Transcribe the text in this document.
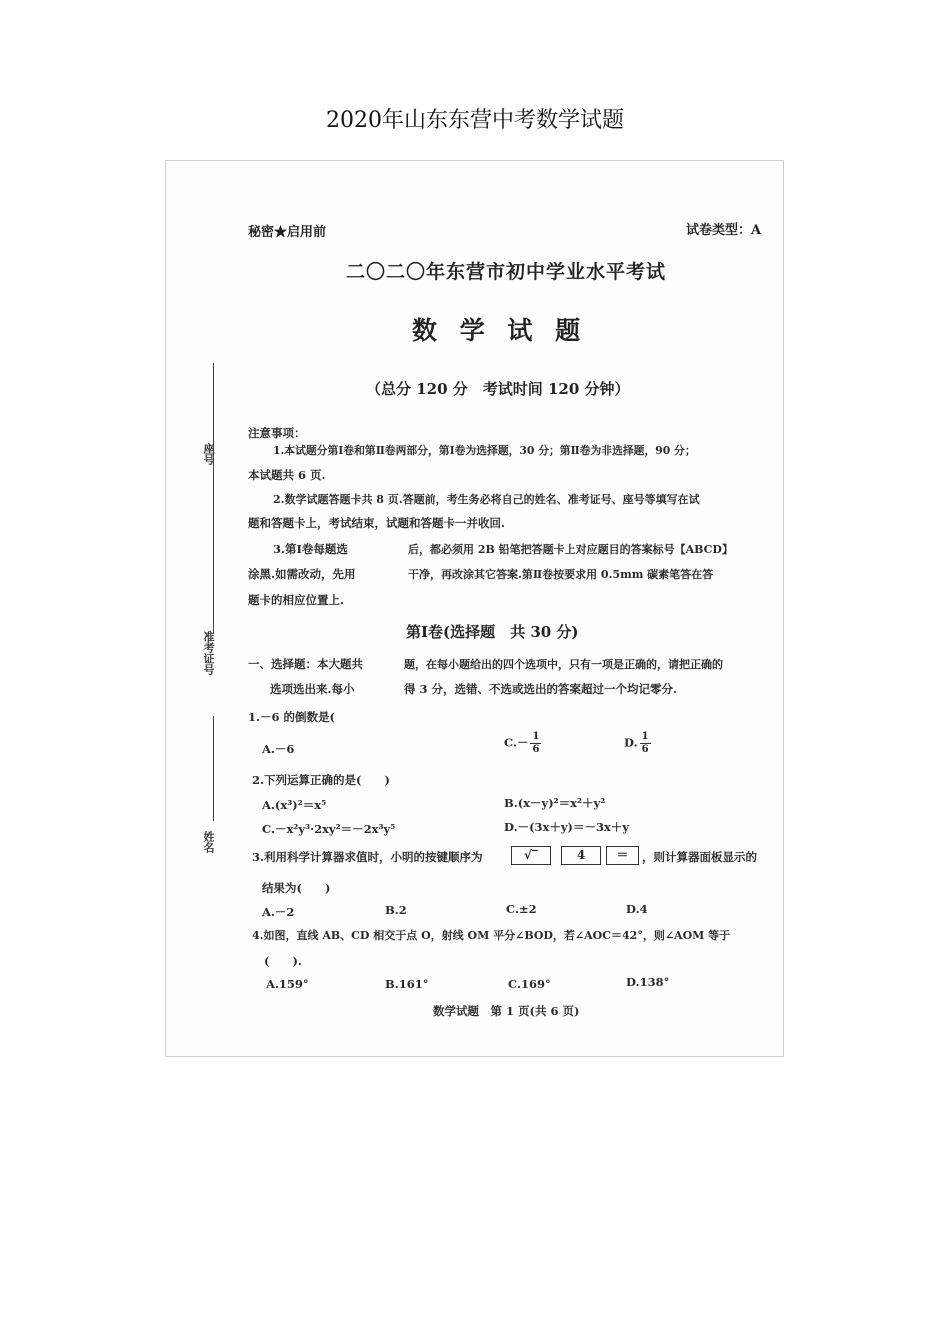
2020年山东东营中考数学试题
座号
准考证号
姓名
秘密★启用前	试卷类型：A
二〇二〇年东营市初中学业水平考试
数 学 试 题
（总分 120 分　考试时间 120 分钟）
注意事项：
1.本试题分第Ⅰ卷和第Ⅱ卷两部分，第Ⅰ卷为选择题，30 分；第Ⅱ卷为非选择题，90 分；
本试题共 6 页.
2.数学试题答题卡共 8 页.答题前，考生务必将自己的姓名、准考证号、座号等填写在试
题和答题卡上，考试结束，试题和答题卡一并收回.
3.第Ⅰ卷每题选	后，都必须用 2B 铅笔把答题卡上对应题目的答案标号【ABCD】
涂黑.如需改动，先用	干净，再改涂其它答案.第Ⅱ卷按要求用 0.5mm 碳素笔答在答
题卡的相应位置上.
第Ⅰ卷(选择题　共 30 分)
一、选择题：本大题共	题，在每小题给出的四个选项中，只有一项是正确的，请把正确的
选项选出来.每小	得 3 分，选错、不选或选出的答案超过一个均记零分.
1.－6 的倒数是(
A.－6	$C.- \frac{1}{6}$	D. $\frac{1}{6}$
2.下列运算正确的是(　　)
A.(x³)²＝x⁵	B.(x－y)²＝x²＋y²
C.－x²y³·2xy²＝－2x³y⁵	D.－(3x＋y)＝－3x＋y
3.利用科学计算器求值时，小明的按键顺序为	√‾	4	＝	，则计算器面板显示的
结果为(　　)
A.－2	B.2	C.±2	D.4
4.如图，直线 AB、CD 相交于点 O，射线 OM 平分∠BOD，若∠AOC＝42°，则∠AOM 等于
(　　).
A.159°	B.161°	C.169°	D.138°
数学试题　第 1 页(共 6 页)
